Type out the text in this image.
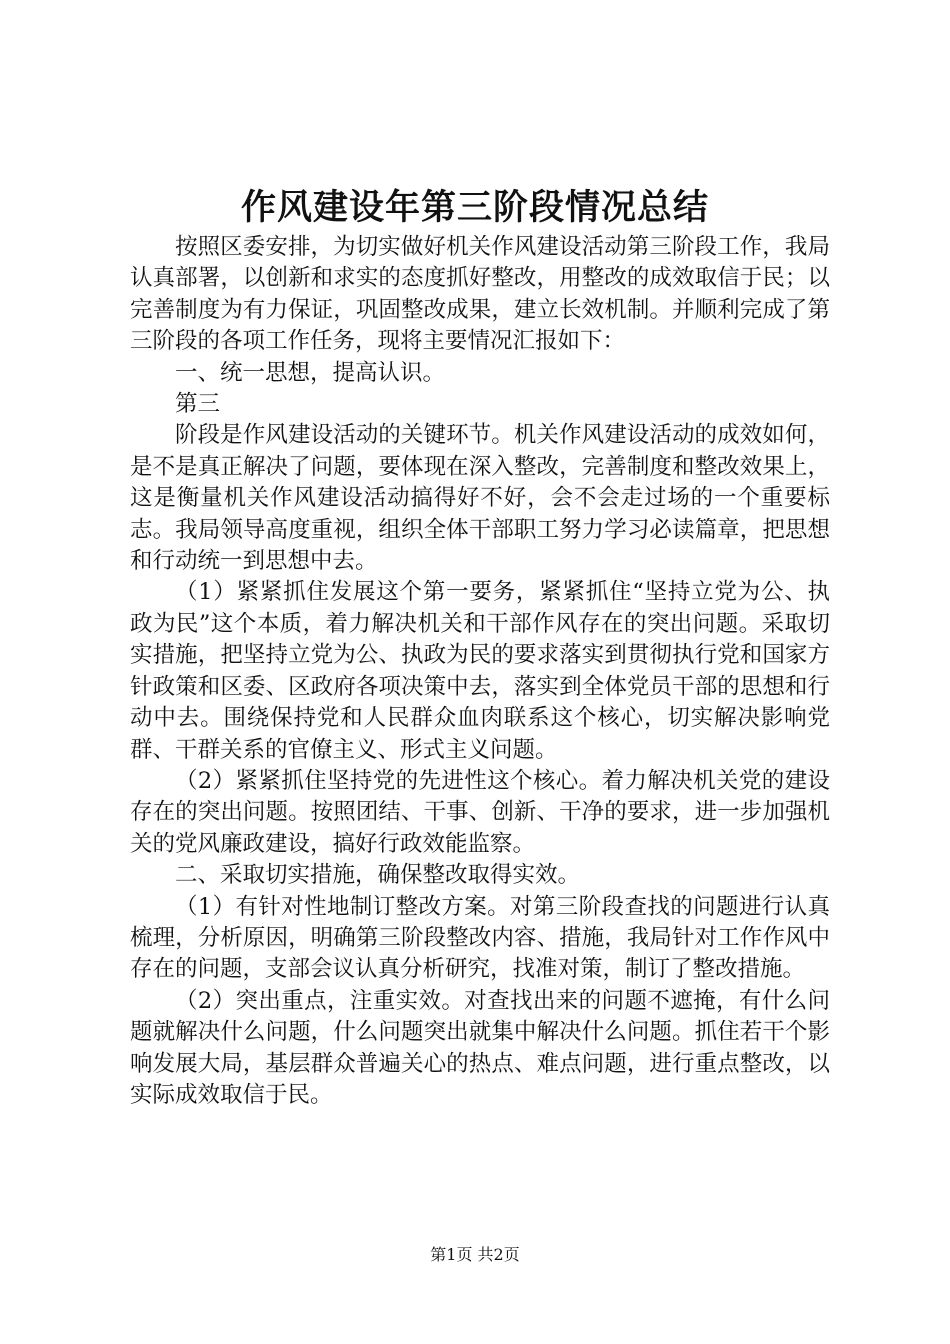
作风建设年第三阶段情况总结

按照区委安排，为切实做好机关作风建设活动第三阶段工作，我局认真部署，以创新和求实的态度抓好整改，用整改的成效取信于民；以完善制度为有力保证，巩固整改成果，建立长效机制。并顺利完成了第三阶段的各项工作任务，现将主要情况汇报如下：

一、统一思想，提高认识。

第三

阶段是作风建设活动的关键环节。机关作风建设活动的成效如何，是不是真正解决了问题，要体现在深入整改，完善制度和整改效果上，这是衡量机关作风建设活动搞得好不好，会不会走过场的一个重要标志。我局领导高度重视，组织全体干部职工努力学习必读篇章，把思想和行动统一到思想中去。

（1）紧紧抓住发展这个第一要务，紧紧抓住“坚持立党为公、执政为民”这个本质，着力解决机关和干部作风存在的突出问题。采取切实措施，把坚持立党为公、执政为民的要求落实到贯彻执行党和国家方针政策和区委、区政府各项决策中去，落实到全体党员干部的思想和行动中去。围绕保持党和人民群众血肉联系这个核心，切实解决影响党群、干群关系的官僚主义、形式主义问题。

（2）紧紧抓住坚持党的先进性这个核心。着力解决机关党的建设存在的突出问题。按照团结、干事、创新、干净的要求，进一步加强机关的党风廉政建设，搞好行政效能监察。

二、采取切实措施，确保整改取得实效。

（1）有针对性地制订整改方案。对第三阶段查找的问题进行认真梳理，分析原因，明确第三阶段整改内容、措施，我局针对工作作风中存在的问题，支部会议认真分析研究，找准对策，制订了整改措施。

（2）突出重点，注重实效。对查找出来的问题不遮掩，有什么问题就解决什么问题，什么问题突出就集中解决什么问题。抓住若干个影响发展大局，基层群众普遍关心的热点、难点问题，进行重点整改，以实际成效取信于民。

第1页 共2页
